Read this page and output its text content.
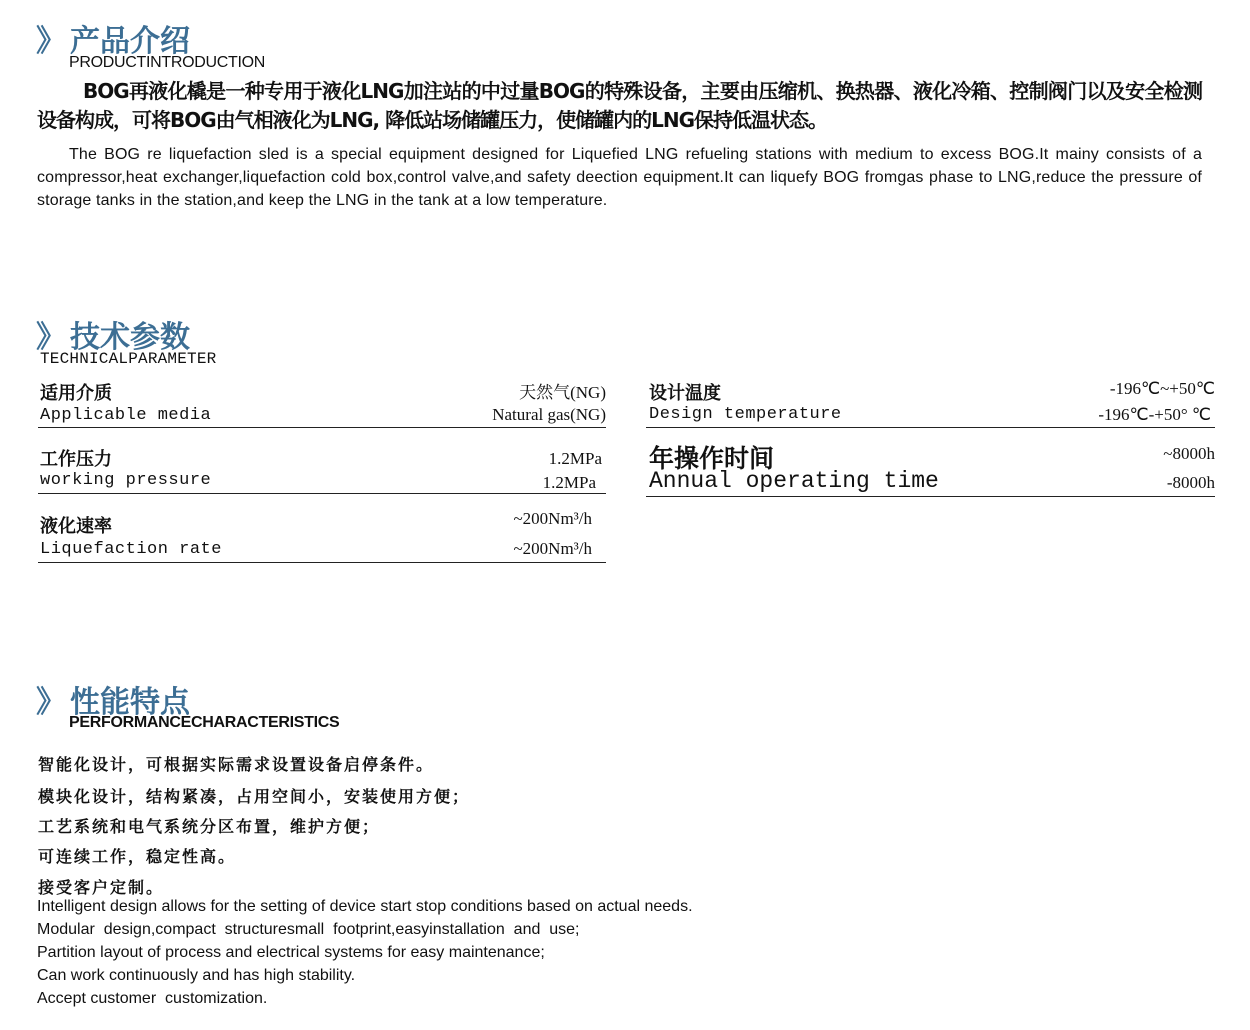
》 产品介绍
PRODUCTINTRODUCTION
BOG再液化橇是一种专用于液化LNG加注站的中过量BOG的特殊设备，主要由压缩机、换热器、液化冷箱、控制阀门以及安全检测设备构成，可将BOG由气相液化为LNG, 降低站场储罐压力，使储罐内的LNG保持低温状态。
The BOG re liquefaction sled is a special equipment designed for Liquefied LNG refueling stations with medium to excess BOG.It mainy consists of a compressor,heat exchanger,liquefaction cold box,control valve,and safety deection equipment.It can liquefy BOG fromgas phase to LNG,reduce the pressure of storage tanks in the station,and keep the LNG in the tank at a low temperature.
》 技术参数
TECHNICALPARAMETER
适用介质
Applicable media
天然气(NG)
Natural gas(NG)
工作压力
working pressure
1.2MPa
1.2MPa
液化速率
Liquefaction rate
~200Nm³/h
~200Nm³/h
设计温度
Design temperature
-196℃~+50℃
-196℃-+50° ℃
年操作时间
Annual operating time
~8000h
-8000h
》 性能特点
PERFORMANCECHARACTERISTICS
智能化设计，可根据实际需求设置设备启停条件。
模块化设计，结构紧凑，占用空间小，安装使用方便；
工艺系统和电气系统分区布置，维护方便；
可连续工作，稳定性高。
接受客户定制。
Intelligent design allows for the setting of device start stop conditions based on actual needs.
Modular  design,compact  structuresmall  footprint,easyinstallation  and  use;
Partition layout of process and electrical systems for easy maintenance;
Can work continuously and has high stability.
Accept customer  customization.
